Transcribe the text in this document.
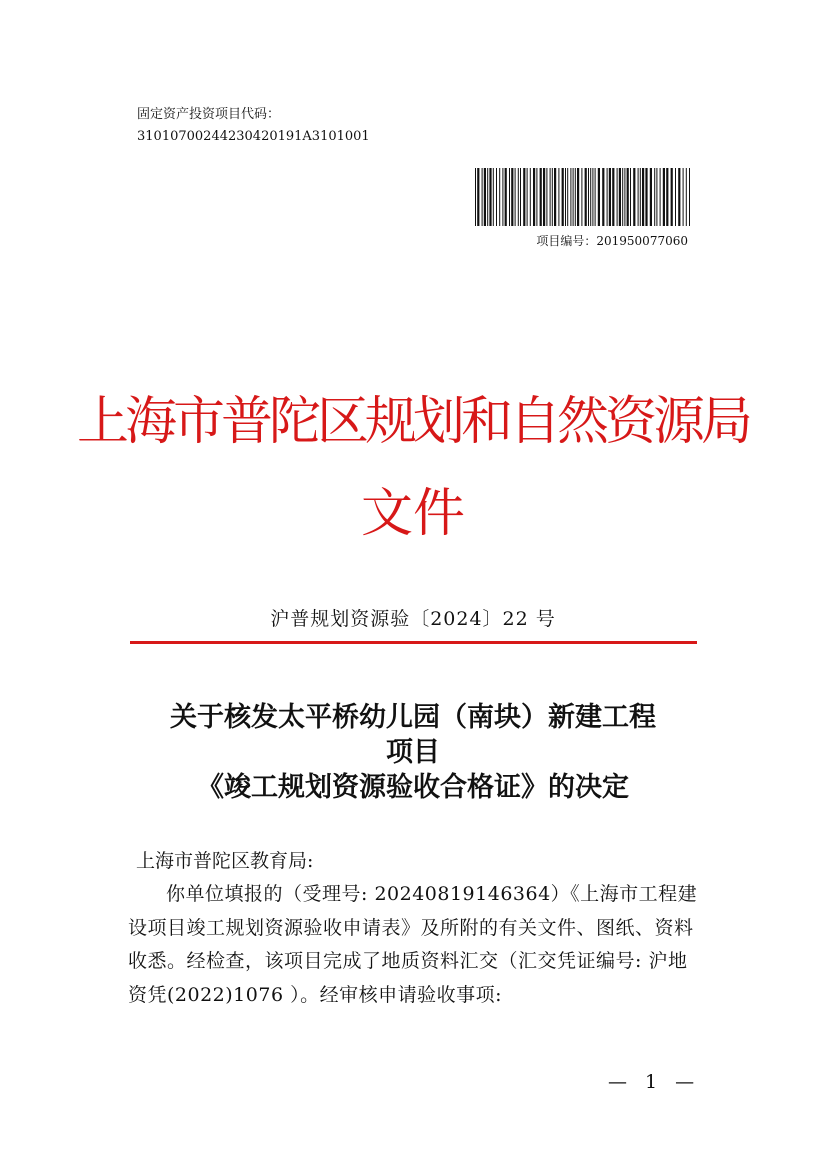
固定资产投资项目代码：
31010700244230420191A3101001
项目编号：201950077060
上海市普陀区规划和自然资源局
文件
沪普规划资源验〔2024〕22 号
关于核发太平桥幼儿园（南块）新建工程
项目
《竣工规划资源验收合格证》的决定
上海市普陀区教育局:
你单位填报的（受理号: 20240819146364）《上海市工程建设项目竣工规划资源验收申请表》及所附的有关文件、图纸、资料收悉。经检查，该项目完成了地质资料汇交（汇交凭证编号: 沪地资凭(2022)1076 ）。经审核申请验收事项:
— 1 —
